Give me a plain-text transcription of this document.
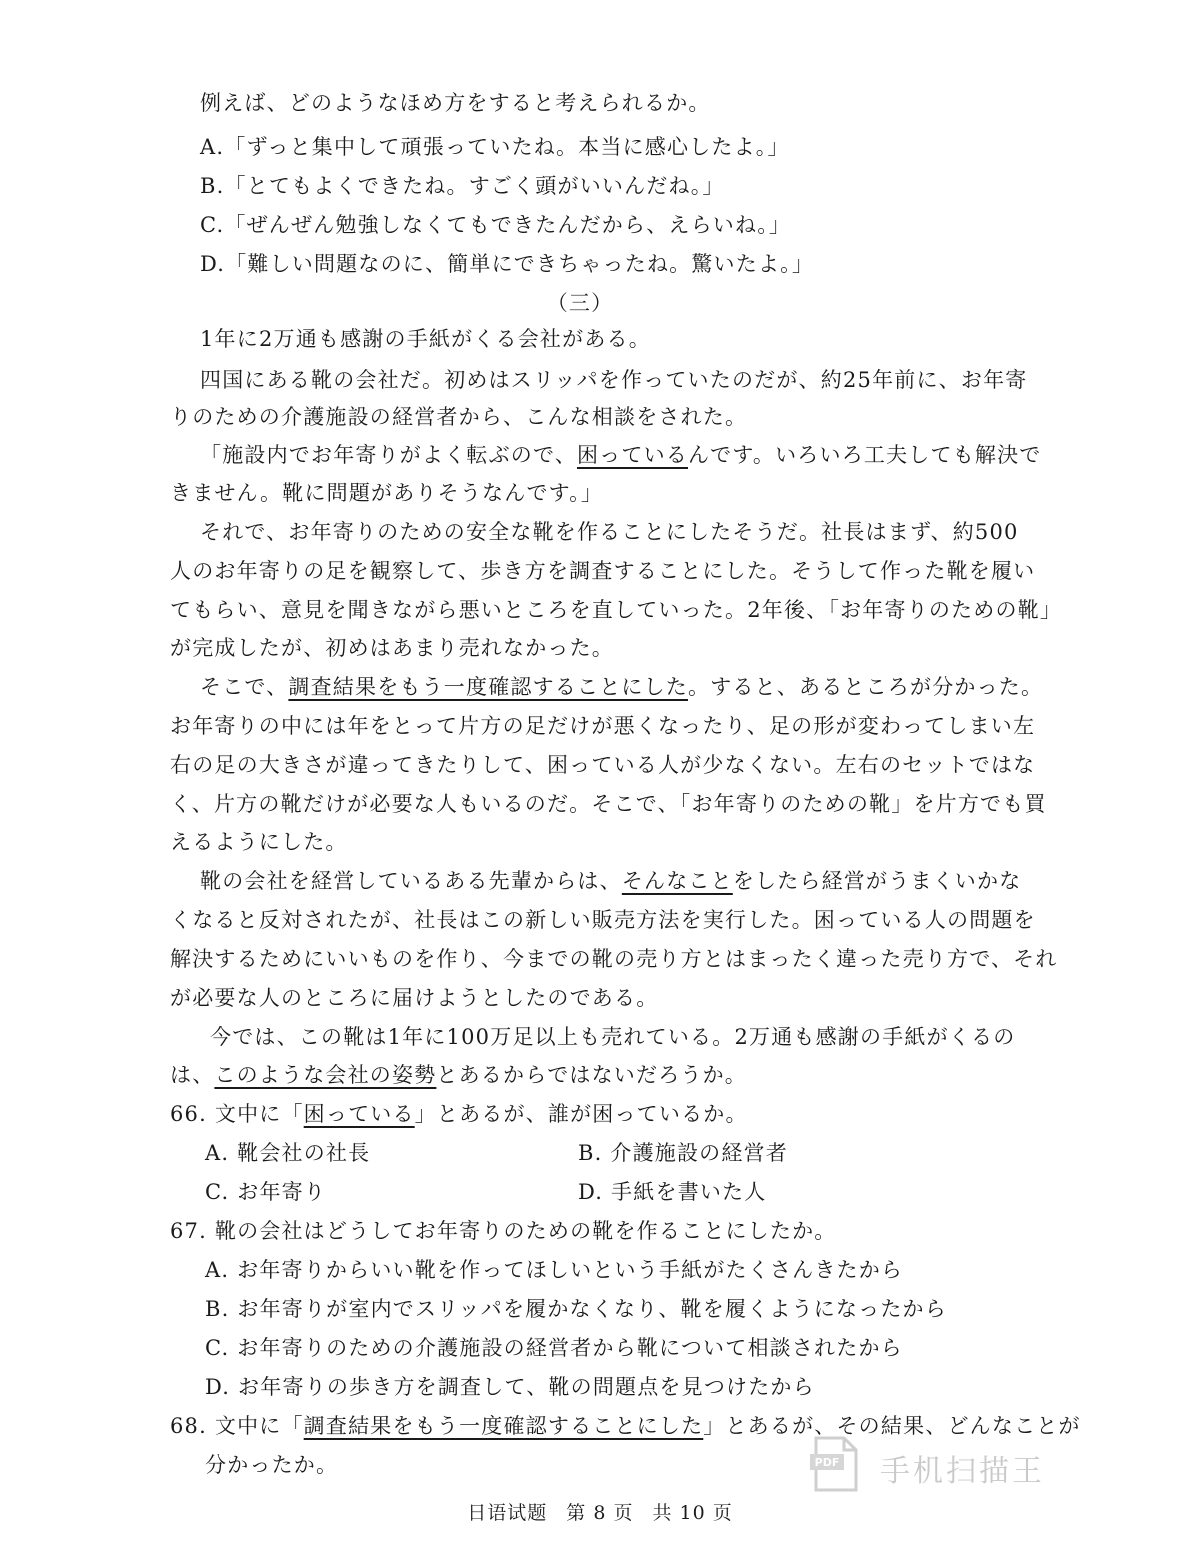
例えば、どのようなほめ方をすると考えられるか。
A.「ずっと集中して頑張っていたね。本当に感心したよ。」
B.「とてもよくできたね。すごく頭がいいんだね。」
C.「ぜんぜん勉強しなくてもできたんだから、えらいね。」
D.「難しい問題なのに、簡単にできちゃったね。驚いたよ。」
（三）
1年に2万通も感謝の手紙がくる会社がある。
四国にある靴の会社だ。初めはスリッパを作っていたのだが、約25年前に、お年寄
りのための介護施設の経営者から、こんな相談をされた。
「施設内でお年寄りがよく転ぶので、困っているんです。いろいろ工夫しても解決で
きません。靴に問題がありそうなんです。」
それで、お年寄りのための安全な靴を作ることにしたそうだ。社長はまず、約500
人のお年寄りの足を観察して、歩き方を調査することにした。そうして作った靴を履い
てもらい、意見を聞きながら悪いところを直していった。2年後、「お年寄りのための靴」
が完成したが、初めはあまり売れなかった。
そこで、調査結果をもう一度確認することにした。すると、あるところが分かった。
お年寄りの中には年をとって片方の足だけが悪くなったり、足の形が変わってしまい左
右の足の大きさが違ってきたりして、困っている人が少なくない。左右のセットではな
く、片方の靴だけが必要な人もいるのだ。そこで、「お年寄りのための靴」を片方でも買
えるようにした。
靴の会社を経営しているある先輩からは、そんなことをしたら経営がうまくいかな
くなると反対されたが、社長はこの新しい販売方法を実行した。困っている人の問題を
解決するためにいいものを作り、今までの靴の売り方とはまったく違った売り方で、それ
が必要な人のところに届けようとしたのである。
今では、この靴は1年に100万足以上も売れている。2万通も感謝の手紙がくるの
は、このような会社の姿勢とあるからではないだろうか。
66. 文中に「困っている」とあるが、誰が困っているか。
A. 靴会社の社長	B. 介護施設の経営者
C. お年寄り	D. 手紙を書いた人
67. 靴の会社はどうしてお年寄りのための靴を作ることにしたか。
A. お年寄りからいい靴を作ってほしいという手紙がたくさんきたから
B. お年寄りが室内でスリッパを履かなくなり、靴を履くようになったから
C. お年寄りのための介護施設の経営者から靴について相談されたから
D. お年寄りの歩き方を調査して、靴の問題点を見つけたから
68. 文中に「調査結果をもう一度確認することにした」とあるが、その結果、どんなことが
分かったか。	PDF 手机扫描王
日语试题 第 8 页 共 10 页
